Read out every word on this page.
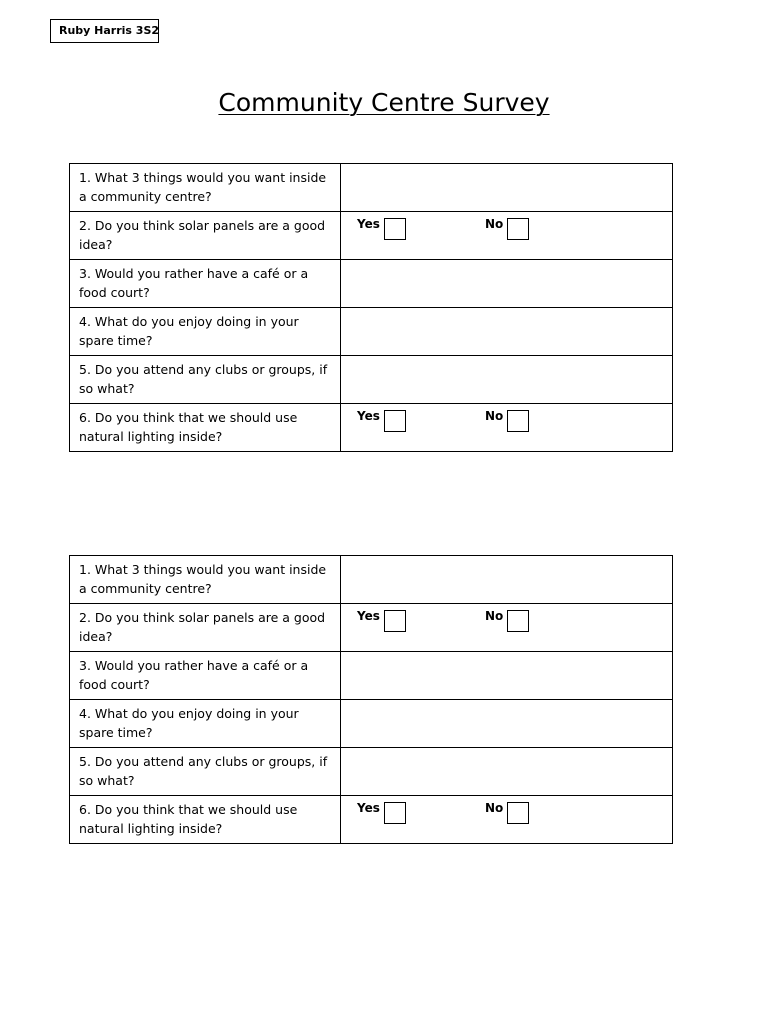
Ruby Harris 3S2
Community Centre Survey
1. What 3 things would you want inside a community centre?	

2. Do you think solar panels are a good idea?	Yes No

3. Would you rather have a café or a food court?	

4. What do you enjoy doing in your spare time?	

5. Do you attend any clubs or groups, if so what?	

6. Do you think that we should use natural lighting inside?	Yes No
1. What 3 things would you want inside a community centre?	

2. Do you think solar panels are a good idea?	Yes No

3. Would you rather have a café or a food court?	

4. What do you enjoy doing in your spare time?	

5. Do you attend any clubs or groups, if so what?	

6. Do you think that we should use natural lighting inside?	Yes No
